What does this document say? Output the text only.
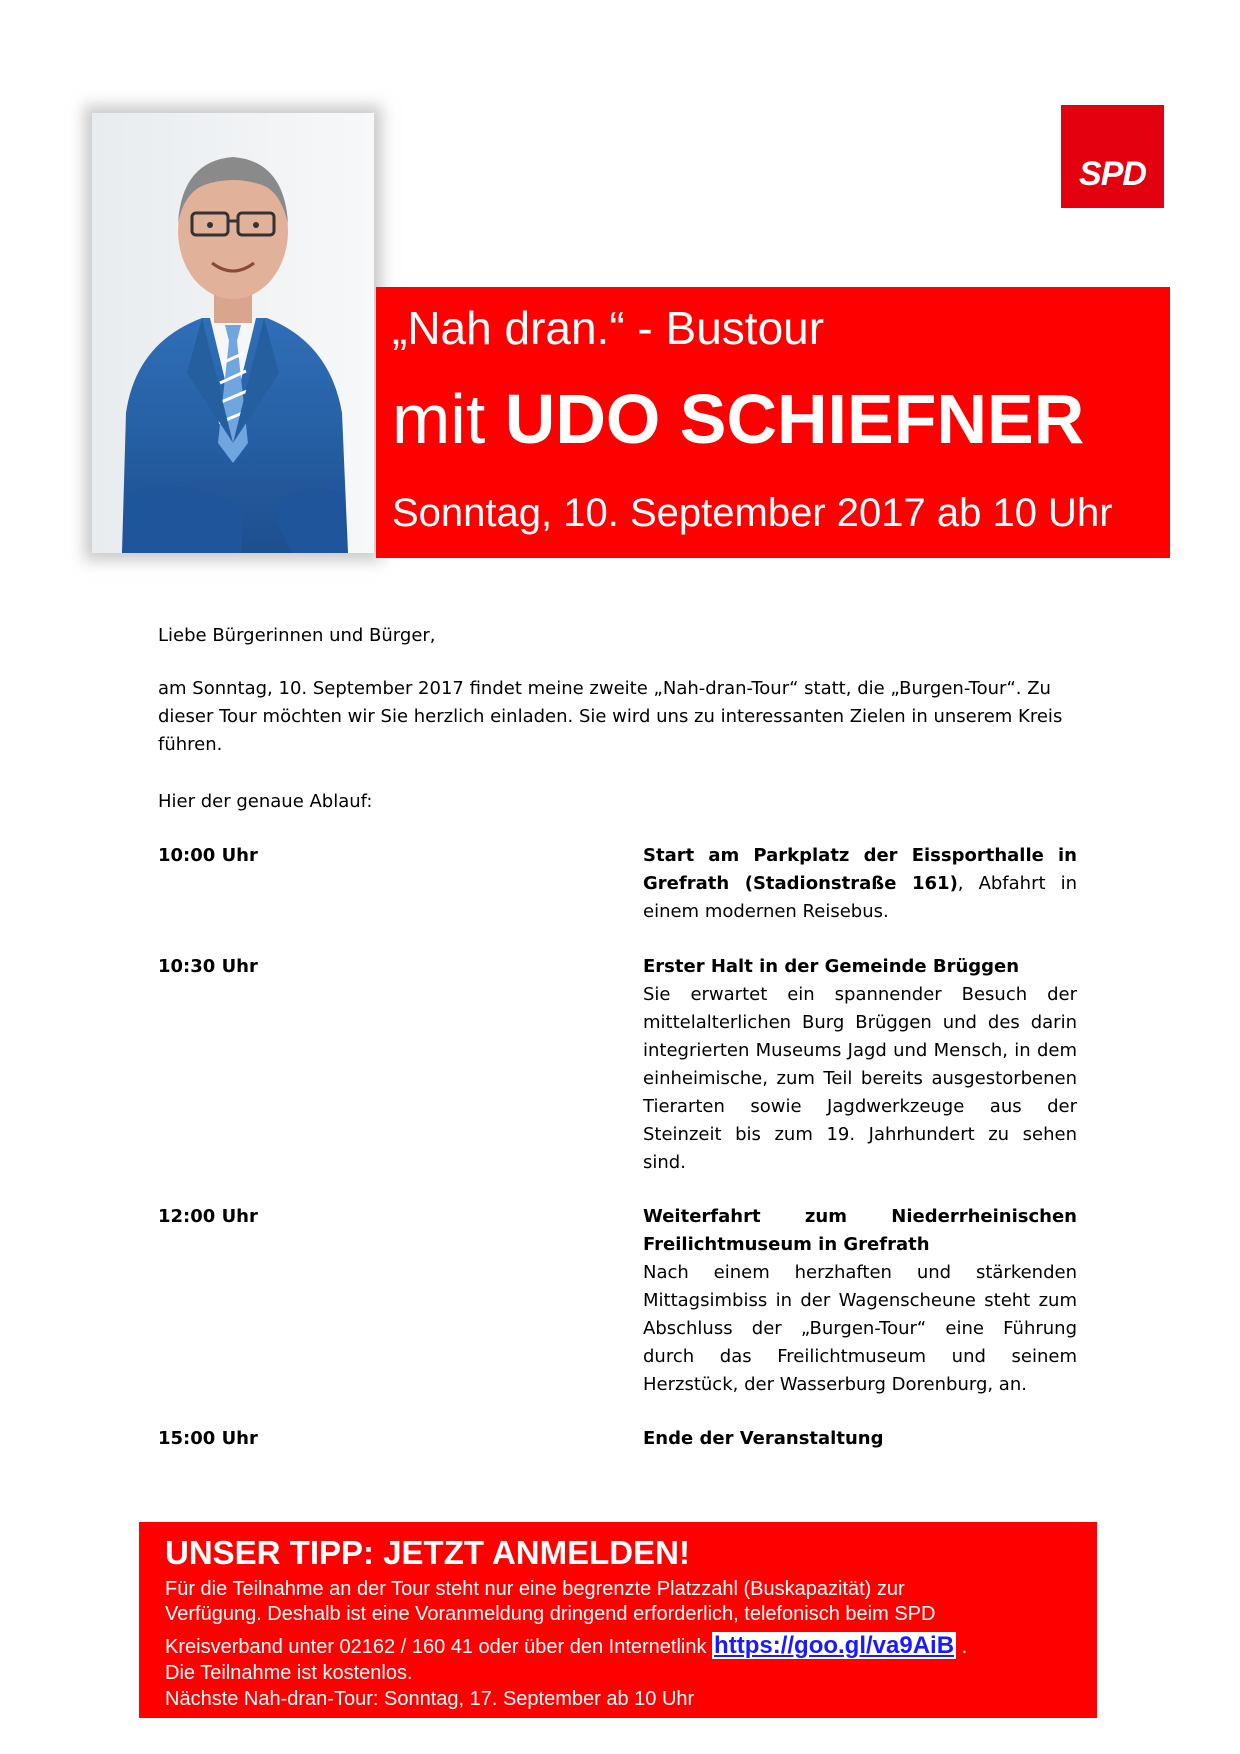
SPD
„Nah dran.“ - Bustour
mit UDO SCHIEFNER
Sonntag, 10. September 2017 ab 10 Uhr
Liebe Bürgerinnen und Bürger,
am Sonntag, 10. September 2017 findet meine zweite „Nah-dran-Tour“ statt, die „Burgen-Tour“. Zu dieser Tour möchten wir Sie herzlich einladen. Sie wird uns zu interessanten Zielen in unserem Kreis führen.
Hier der genaue Ablauf:
10:00 Uhr	Start am Parkplatz der Eissporthalle in Grefrath (Stadionstraße 161), Abfahrt in einem modernen Reisebus.
10:30 Uhr	Erster Halt in der Gemeinde Brüggen
Sie erwartet ein spannender Besuch der mittelalterlichen Burg Brüggen und des darin integrierten Museums Jagd und Mensch, in dem einheimische, zum Teil bereits ausgestorbenen Tierarten sowie Jagdwerkzeuge aus der Steinzeit bis zum 19. Jahrhundert zu sehen sind.
12:00 Uhr	Weiterfahrt zum Niederrheinischen Freilichtmuseum in Grefrath
Nach einem herzhaften und stärkenden Mittagsimbiss in der Wagenscheune steht zum Abschluss der „Burgen-Tour“ eine Führung durch das Freilichtmuseum und seinem Herzstück, der Wasserburg Dorenburg, an.
15:00 Uhr	Ende der Veranstaltung
UNSER TIPP: JETZT ANMELDEN!
Für die Teilnahme an der Tour steht nur eine begrenzte Platzzahl (Buskapazität) zur
Verfügung. Deshalb ist eine Voranmeldung dringend erforderlich, telefonisch beim SPD
Kreisverband unter 02162 / 160 41 oder über den Internetlink https://goo.gl/va9AiB .
Die Teilnahme ist kostenlos.
Nächste Nah-dran-Tour: Sonntag, 17. September ab 10 Uhr
